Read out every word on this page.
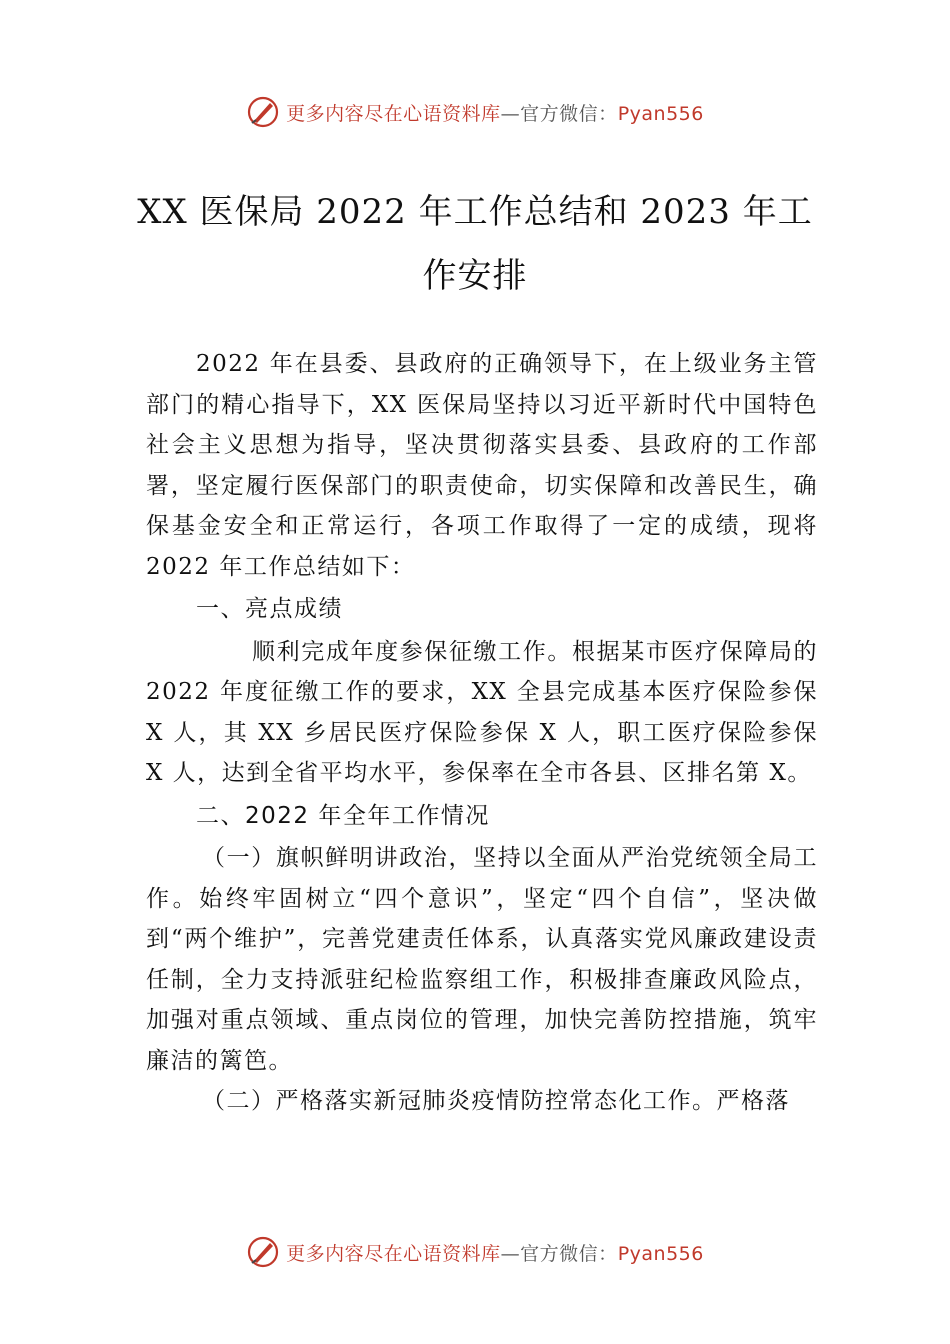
更多内容尽在心语资料库—官方微信：Pyan556
XX 医保局 2022 年工作总结和 2023 年工
作安排

2022 年在县委、县政府的正确领导下，在上级业务主管部门的精心指导下，XX 医保局坚持以习近平新时代中国特色社会主义思想为指导，坚决贯彻落实县委、县政府的工作部署，坚定履行医保部门的职责使命，切实保障和改善民生，确保基金安全和正常运行，各项工作取得了一定的成绩，现将 2022 年工作总结如下：

一、亮点成绩

顺利完成年度参保征缴工作。根据某市医疗保障局的 2022 年度征缴工作的要求，XX 全县完成基本医疗保险参保 X 人，其 XX 乡居民医疗保险参保 X 人，职工医疗保险参保 X 人，达到全省平均水平，参保率在全市各县、区排名第 X。

二、2022 年全年工作情况

（一）旗帜鲜明讲政治，坚持以全面从严治党统领全局工作。始终牢固树立“四个意识”，坚定“四个自信”，坚决做到“两个维护”，完善党建责任体系，认真落实党风廉政建设责任制，全力支持派驻纪检监察组工作，积极排查廉政风险点，加强对重点领域、重点岗位的管理，加快完善防控措施，筑牢廉洁的篱笆。

（二）严格落实新冠肺炎疫情防控常态化工作。严格落

更多内容尽在心语资料库—官方微信：Pyan556
